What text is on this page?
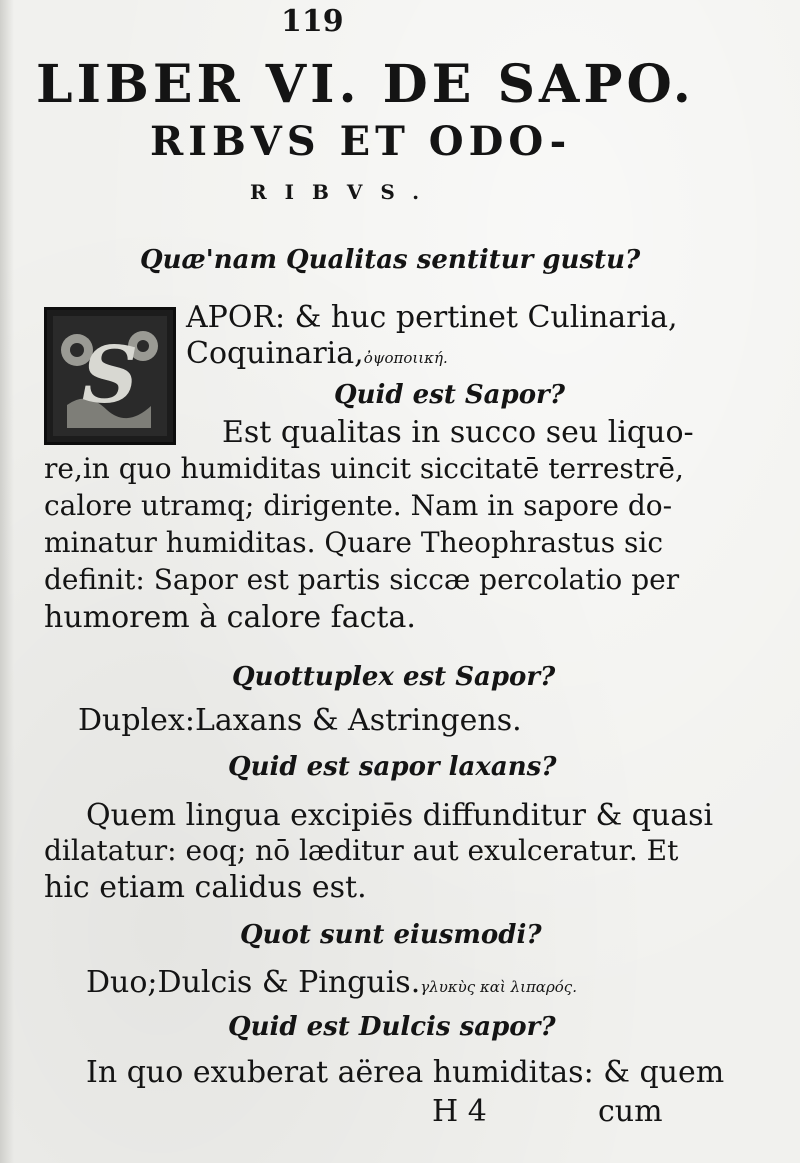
119
LIBER VI. DE SAPO.
RIBVS ET ODO-
RIBVS.
Quæ'nam Qualitas sentitur gustu?
S
APOR: & huc pertinet Culinaria,
Coquinaria,ὀψοποιική.
Quid est Sapor?
Est qualitas in succo seu liquo-
re,in quo humiditas uincit siccitatē terrestrē,
calore utramq; dirigente. Nam in sapore do-
minatur humiditas. Quare Theophrastus sic
definit: Sapor est partis siccæ percolatio per
humorem à calore facta.
Quottuplex est Sapor?
Duplex:Laxans & Astringens.
Quid est sapor laxans?
Quem lingua excipiēs diffunditur & quasi
dilatatur: eoq; nō læditur aut exulceratur. Et
hic etiam calidus est.
Quot sunt eiusmodi?
Duo;Dulcis & Pinguis.γλυκὺς καὶ λιπαρός.
Quid est Dulcis sapor?
In quo exuberat aërea humiditas: & quem
H 4	cum
